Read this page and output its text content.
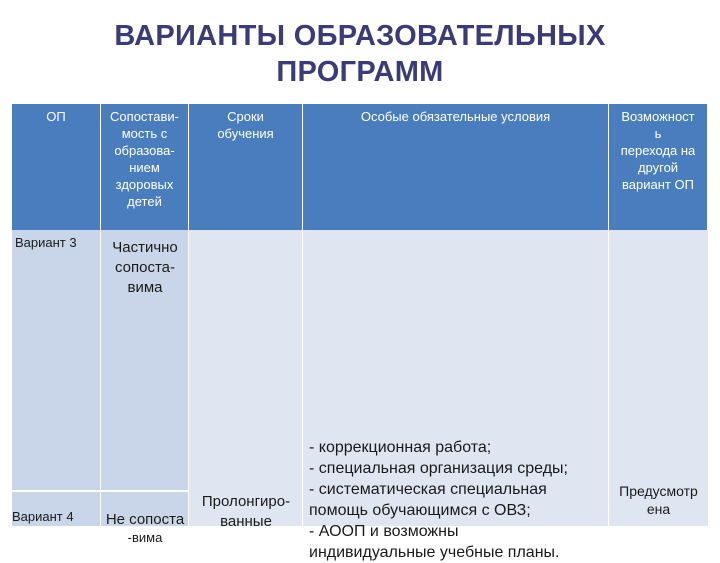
ВАРИАНТЫ ОБРАЗОВАТЕЛЬНЫХ
ПРОГРАММ
ОП	Сопостави-
мость с
образова-
нием
здоровых
детей
Сроки
обучения
Особые обязательные условия	Возможност
ь
перехода на
другой
вариант ОП
Вариант 3
Вариант 4
Частично
сопоста-
вима
Не сопоста
-вима
Пролонгиро-
ванные
- коррекционная работа;
- специальная организация среды;
- систематическая специальная
помощь обучающимся с ОВЗ;
- АООП и возможны
индивидуальные учебные планы.
Предусмотр
ена
